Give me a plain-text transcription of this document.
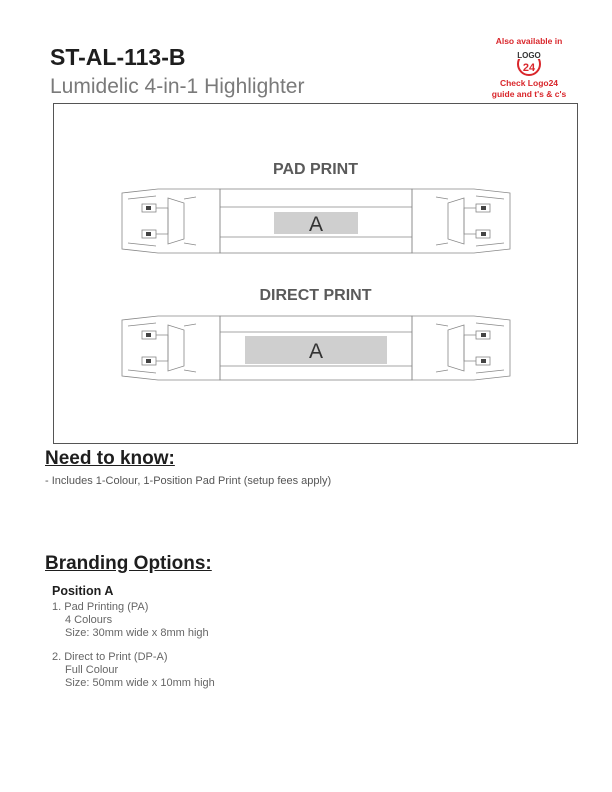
ST-AL-113-B
Lumidelic 4-in-1 Highlighter
Also available in
LOGO
24
Check Logo24
guide and t's & c's
PAD PRINT
A
DIRECT PRINT
A
Need to know:
- Includes 1-Colour, 1-Position Pad Print (setup fees apply)
Branding Options:
Position A
1. Pad Printing (PA)
4 Colours
Size: 30mm wide x 8mm high
2. Direct to Print (DP-A)
Full Colour
Size: 50mm wide x 10mm high
